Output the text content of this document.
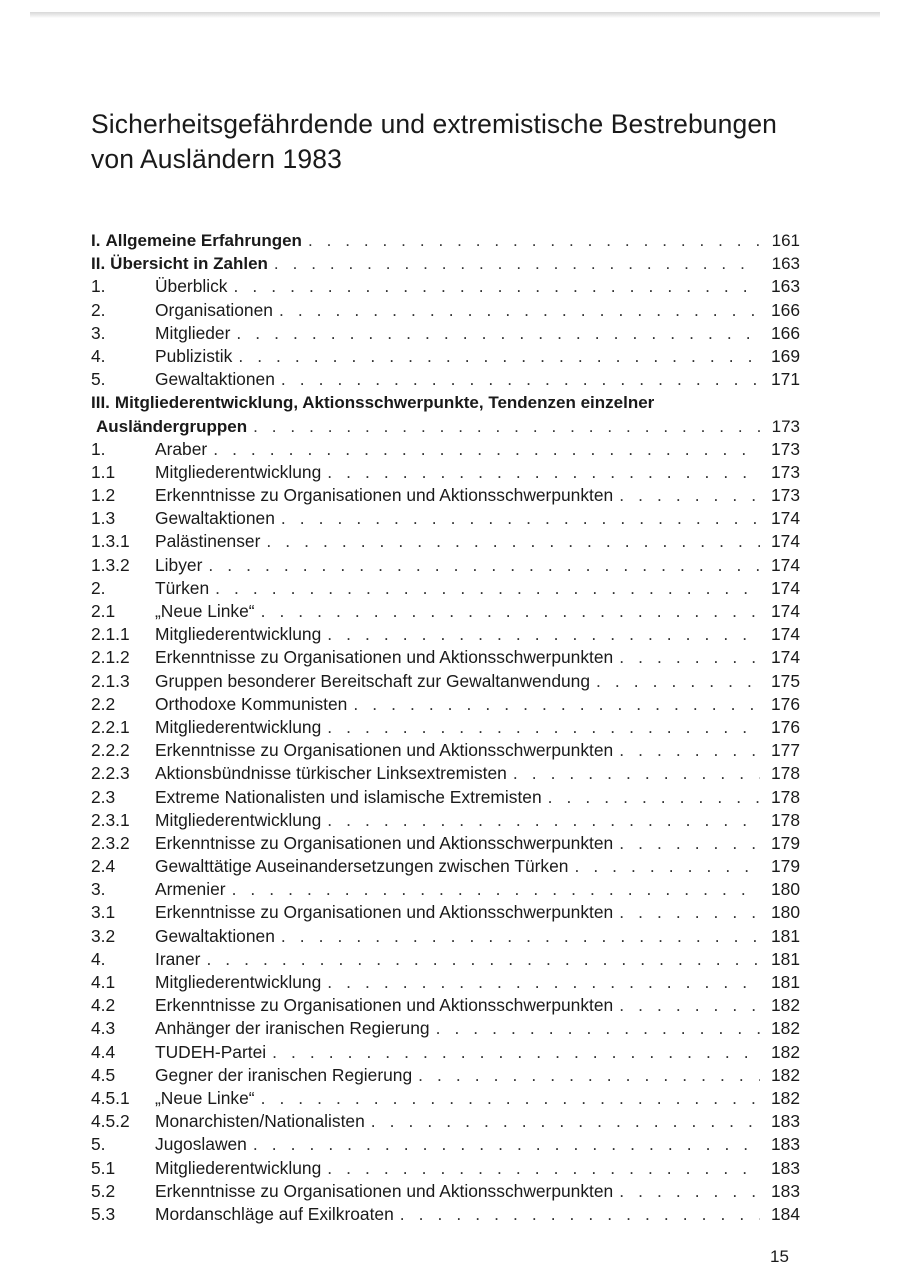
Sicherheitsgefährdende und extremistische Bestrebungen
von Ausländern 1983
I. Allgemeine Erfahrungen . . .	161
II. Übersicht in Zahlen . . .	163
1.	Überblick . . .	163
2.	Organisationen . . .	166
3.	Mitglieder . . .	166
4.	Publizistik . . .	169
5.	Gewaltaktionen . . .	171
III. Mitgliederentwicklung, Aktionsschwerpunkte, Tendenzen einzelner
Ausländergruppen . . .	173
1.	Araber . . .	173
1.1	Mitgliederentwicklung . . .	173
1.2	Erkenntnisse zu Organisationen und Aktionsschwerpunkten . . .	173
1.3	Gewaltaktionen . . .	174
1.3.1	Palästinenser . . .	174
1.3.2	Libyer . . .	174
2.	Türken . . .	174
2.1	„Neue Linke“ . . .	174
2.1.1	Mitgliederentwicklung . . .	174
2.1.2	Erkenntnisse zu Organisationen und Aktionsschwerpunkten . . .	174
2.1.3	Gruppen besonderer Bereitschaft zur Gewaltanwendung . . .	175
2.2	Orthodoxe Kommunisten . . .	176
2.2.1	Mitgliederentwicklung . . .	176
2.2.2	Erkenntnisse zu Organisationen und Aktionsschwerpunkten . . .	177
2.2.3	Aktionsbündnisse türkischer Linksextremisten . . .	178
2.3	Extreme Nationalisten und islamische Extremisten . . .	178
2.3.1	Mitgliederentwicklung . . .	178
2.3.2	Erkenntnisse zu Organisationen und Aktionsschwerpunkten . . .	179
2.4	Gewalttätige Auseinandersetzungen zwischen Türken . . .	179
3.	Armenier . . .	180
3.1	Erkenntnisse zu Organisationen und Aktionsschwerpunkten . . .	180
3.2	Gewaltaktionen . . .	181
4.	Iraner . . .	181
4.1	Mitgliederentwicklung . . .	181
4.2	Erkenntnisse zu Organisationen und Aktionsschwerpunkten . . .	182
4.3	Anhänger der iranischen Regierung . . .	182
4.4	TUDEH-Partei . . .	182
4.5	Gegner der iranischen Regierung . . .	182
4.5.1	„Neue Linke“ . . .	182
4.5.2	Monarchisten/Nationalisten . . .	183
5.	Jugoslawen . . .	183
5.1	Mitgliederentwicklung . . .	183
5.2	Erkenntnisse zu Organisationen und Aktionsschwerpunkten . . .	183
5.3	Mordanschläge auf Exilkroaten . . .	184
15
